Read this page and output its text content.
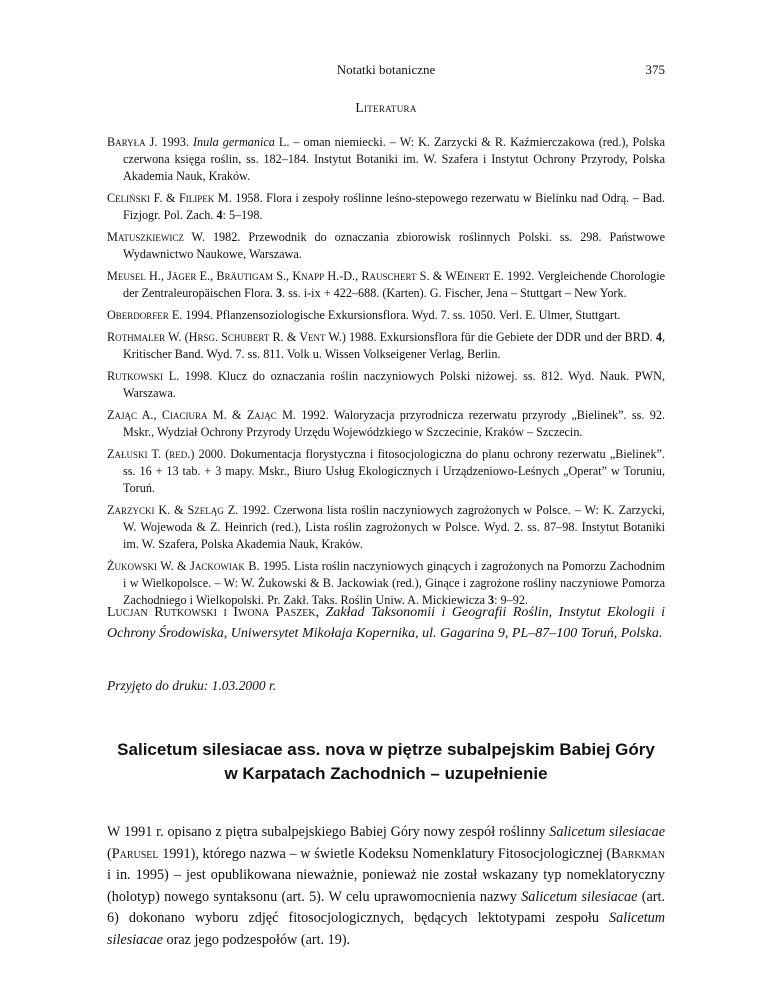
Notatki botaniczne	375
Literatura

Baryła J. 1993. Inula germanica L. – oman niemiecki. – W: K. Zarzycki & R. Kaźmierczakowa (red.), Polska czerwona księga roślin, ss. 182–184. Instytut Botaniki im. W. Szafera i Instytut Ochrony Przyrody, Polska Akademia Nauk, Kraków.

Celiński F. & Filipek M. 1958. Flora i zespoły roślinne leśno-stepowego rezerwatu w Bielinku nad Odrą. – Bad. Fizjogr. Pol. Zach. 4: 5–198.

Matuszkiewicz W. 1982. Przewodnik do oznaczania zbiorowisk roślinnych Polski. ss. 298. Państwowe Wydawnictwo Naukowe, Warszawa.

Meusel H., Jäger E., Bräutigam S., Knapp H.-D., Rauschert S. & WEinert E. 1992. Vergleichende Chorologie der Zentraleuropäischen Flora. 3. ss. i-ix + 422–688. (Karten). G. Fischer, Jena – Stuttgart – New York.

Oberdorfer E. 1994. Pflanzensoziologische Exkursionsflora. Wyd. 7. ss. 1050. Verl. E. Ulmer, Stuttgart.

Rothmaler W. (Hrsg. Schubert R. & Vent W.) 1988. Exkursionsflora für die Gebiete der DDR und der BRD. 4, Kritischer Band. Wyd. 7. ss. 811. Volk u. Wissen Volkseigener Verlag, Berlin.

Rutkowski L. 1998. Klucz do oznaczania roślin naczyniowych Polski niżowej. ss. 812. Wyd. Nauk. PWN, Warszawa.

Zając A., Ciaciura M. & Zając M. 1992. Waloryzacja przyrodnicza rezerwatu przyrody „Bielinek”. ss. 92. Mskr., Wydział Ochrony Przyrody Urzędu Wojewódzkiego w Szczecinie, Kraków – Szczecin.

Załuski T. (red.) 2000. Dokumentacja florystyczna i fitosocjologiczna do planu ochrony rezerwatu „Bielinek”. ss. 16 + 13 tab. + 3 mapy. Mskr., Biuro Usług Ekologicznych i Urządzeniowo-Leśnych „Operat” w Toruniu, Toruń.

Zarzycki K. & Szeląg Z. 1992. Czerwona lista roślin naczyniowych zagrożonych w Polsce. – W: K. Zarzycki, W. Wojewoda & Z. Heinrich (red.), Lista roślin zagrożonych w Polsce. Wyd. 2. ss. 87–98. Instytut Botaniki im. W. Szafera, Polska Akademia Nauk, Kraków.

Żukowski W. & Jackowiak B. 1995. Lista roślin naczyniowych ginących i zagrożonych na Pomorzu Zachodnim i w Wielkopolsce. – W: W. Żukowski & B. Jackowiak (red.), Ginące i zagrożone rośliny naczyniowe Pomorza Zachodniego i Wielkopolski. Pr. Zakł. Taks. Roślin Uniw. A. Mickiewicza 3: 9–92.

Lucjan Rutkowski i Iwona Paszek, Zakład Taksonomii i Geografii Roślin, Instytut Ekologii i Ochrony Środowiska, Uniwersytet Mikołaja Kopernika, ul. Gagarina 9, PL–87–100 Toruń, Polska.
Przyjęto do druku: 1.03.2000 r.
Salicetum silesiacae ass. nova w piętrze subalpejskim Babiej Góry
w Karpatach Zachodnich – uzupełnienie

W 1991 r. opisano z piętra subalpejskiego Babiej Góry nowy zespół roślinny Salicetum silesiacae (Parusel 1991), którego nazwa – w świetle Kodeksu Nomenklatury Fitosocjologicznej (Barkman i in. 1995) – jest opublikowana nieważnie, ponieważ nie został wskazany typ nomeklatoryczny (holotyp) nowego syntaksonu (art. 5). W celu uprawomocnienia nazwy Salicetum silesiacae (art. 6) dokonano wyboru zdjęć fitosocjologicznych, będących lektotypami zespołu Salicetum silesiacae oraz jego podzespołów (art. 19).
